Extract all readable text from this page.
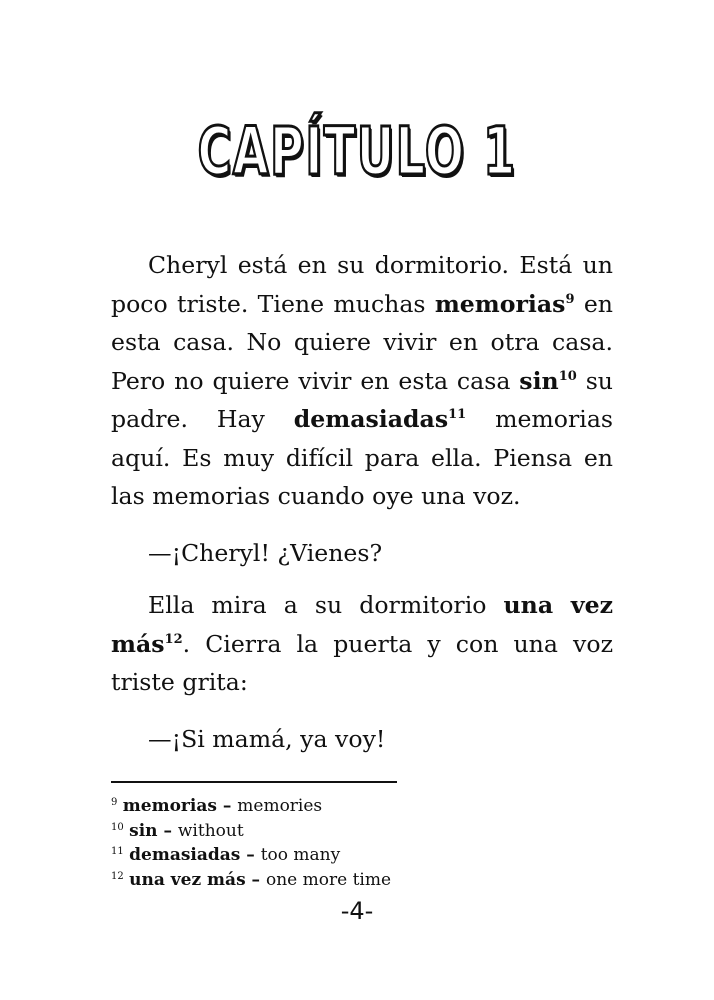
CAPÍTULO 1

Cheryl está en su dormitorio. Está un poco triste. Tiene muchas memorias$^9$ en esta casa. No quiere vivir en otra casa. Pero no quiere vivir en esta casa $\sin^{10}$ su padre. Hay demasiadas$^{11}$ memorias aquí. Es muy difícil para ella. Piensa en las memorias cuando oye una voz.

—¡Cheryl! ¿Vienes?

Ella mira a su dormitorio una vez más$^{12}$. Cierra la puerta y con una voz triste grita:

—¡Si mamá, ya voy!

$^9$ memorias – memories
$^{10}$ sin – without
$^{11}$ demasiadas – too many
$^{12}$ una vez más – one more time
-4-
